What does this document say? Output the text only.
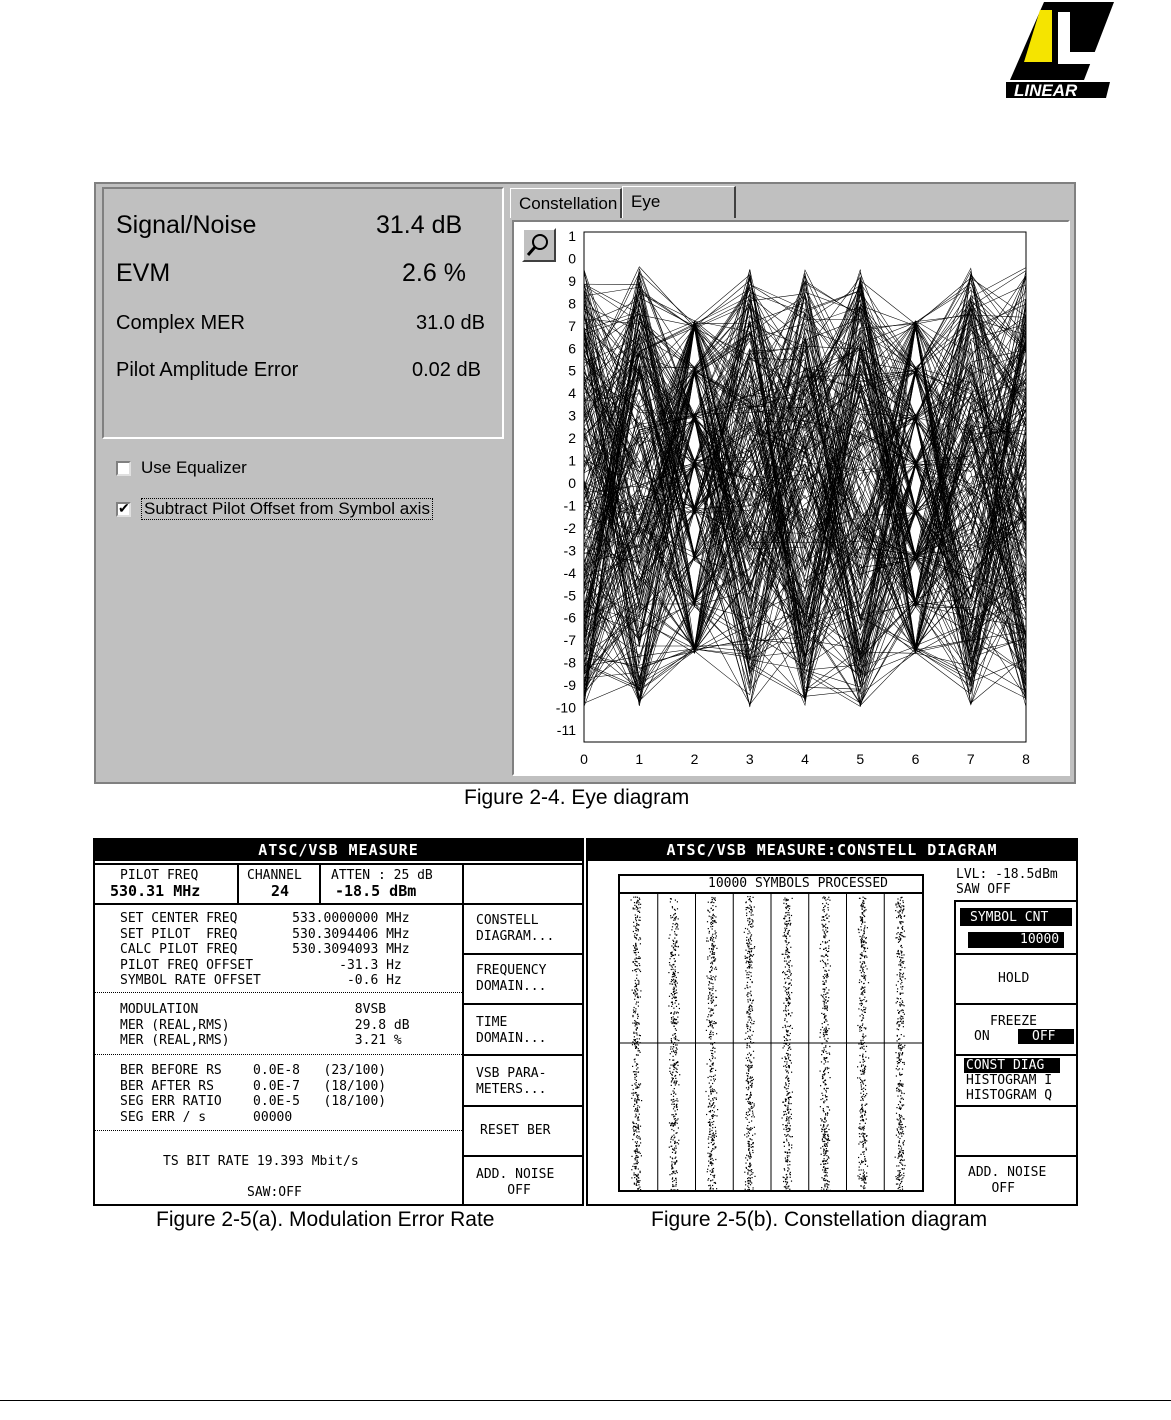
LINEAR
Signal/Noise	31.4 dB
EVM	2.6 %
Complex MER	31.0 dB
Pilot Amplitude Error	0.02 dB
Use Equalizer
✔
Subtract Pilot Offset from Symbol axis
Constellation Eye
1
0
9
8
7
6
5
4
3
2
1
0
-1
-2
-3
-4
-5
-6
-7
-8
-9
-10
-11
0	1	2	3	4	5	6	7	8
Figure 2-4. Eye diagram
ATSC/VSB MEASURE
PILOT FREQ
530.31 MHz
CHANNEL
24
ATTEN : 25 dB
-18.5 dBm
SET CENTER FREQ       533.0000000 MHz
SET PILOT  FREQ       530.3094406 MHz
CALC PILOT FREQ       530.3094093 MHz
PILOT FREQ OFFSET           -31.3 Hz
SYMBOL RATE OFFSET           -0.6 Hz
MODULATION                    8VSB
MER (REAL,RMS)                29.8 dB
MER (REAL,RMS)                3.21 %
BER BEFORE RS    0.0E-8   (23/100)
BER AFTER RS     0.0E-7   (18/100)
SEG ERR RATIO    0.0E-5   (18/100)
SEG ERR / s      00000
TS BIT RATE 19.393 Mbit/s
SAW:OFF
CONSTELL
DIAGRAM...
FREQUENCY
DOMAIN...
TIME
DOMAIN...
VSB PARA-
METERS...
RESET BER
ADD. NOISE
OFF
Figure 2-5(a). Modulation Error Rate
ATSC/VSB MEASURE:CONSTELL DIAGRAM
10000 SYMBOLS PROCESSED
LVL: -18.5dBm
SAW OFF
SYMBOL CNT
10000
HOLD
FREEZE
ON	OFF
CONST DIAG
HISTOGRAM I
HISTOGRAM Q
ADD. NOISE
OFF
Figure 2-5(b). Constellation diagram
